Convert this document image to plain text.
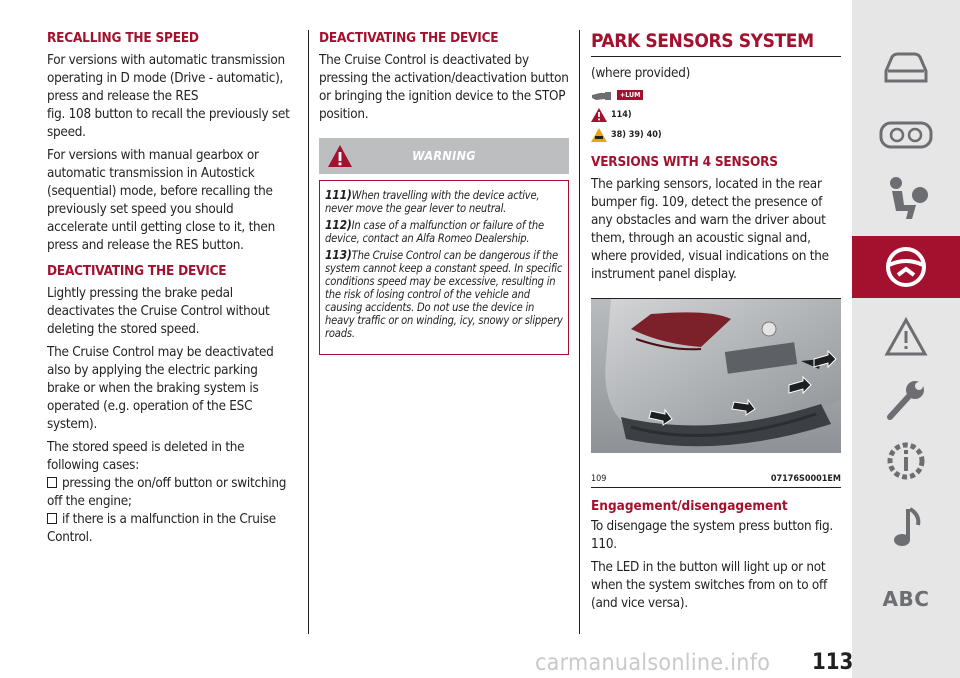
RECALLING THE SPEED

For versions with automatic transmission operating in D mode (Drive - automatic), press and release the RES
fig. 108 button to recall the previously set speed.

For versions with manual gearbox or automatic transmission in Autostick (sequential) mode, before recalling the previously set speed you should accelerate until getting close to it, then press and release the RES button.

DEACTIVATING THE DEVICE

Lightly pressing the brake pedal deactivates the Cruise Control without deleting the stored speed.

The Cruise Control may be deactivated also by applying the electric parking brake or when the braking system is operated (e.g. operation of the ESC system).

The stored speed is deleted in the following cases:

pressing the on/off button or switching off the engine;
if there is a malfunction in the Cruise Control.
DEACTIVATING THE DEVICE

The Cruise Control is deactivated by pressing the activation/deactivation button or bringing the ignition device to the STOP position.

WARNING
111)When travelling with the device active, never move the gear lever to neutral.
112)In case of a malfunction or failure of the device, contact an Alfa Romeo Dealership.
113)The Cruise Control can be dangerous if the system cannot keep a constant speed. In specific conditions speed may be excessive, resulting in the risk of losing control of the vehicle and causing accidents. Do not use the device in heavy traffic or on winding, icy, snowy or slippery roads.
PARK SENSORS SYSTEM

(where provided)

+LUM
114)
38) 39) 40)
VERSIONS WITH 4 SENSORS

The parking sensors, located in the rear bumper fig. 109, detect the presence of any obstacles and warn the driver about them, through an acoustic signal and, where provided, visual indications on the instrument panel display.

109	07176S0001EM
Engagement/disengagement

To disengage the system press button fig. 110.

The LED in the button will light up or not when the system switches from on to off (and vice versa).	ABC
carmanualsonline.info 113
